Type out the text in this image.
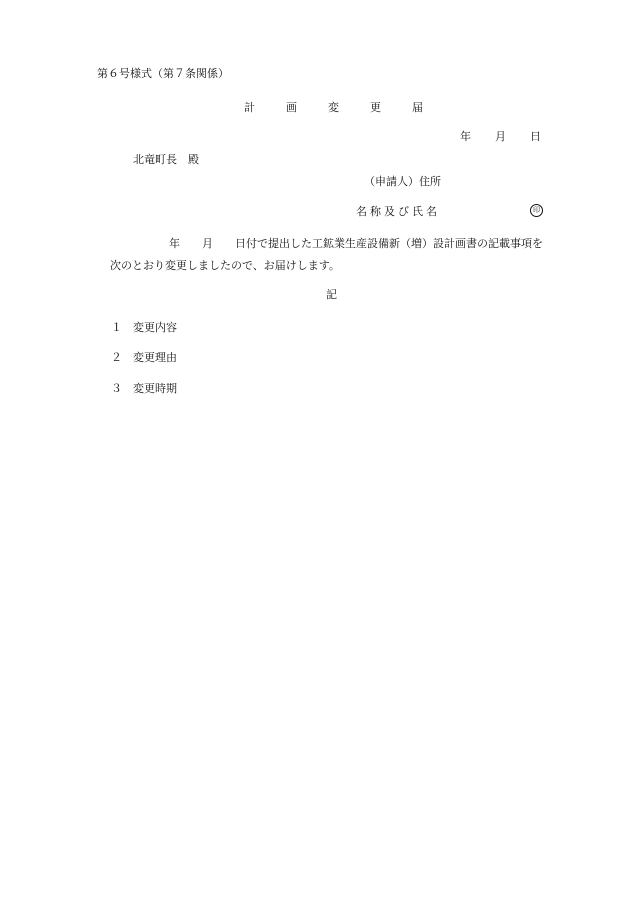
第６号様式（第７条関係）
計	画	変	更	届
年 月 日
北竜町長 殿
（申請人）住所
名称及び氏名	印
年 月 日付で提出した工鉱業生産設備新（増）設計画書の記載事項を
次のとおり変更しましたので、お届けします。
記
１	変更内容
２	変更理由
３	変更時期
